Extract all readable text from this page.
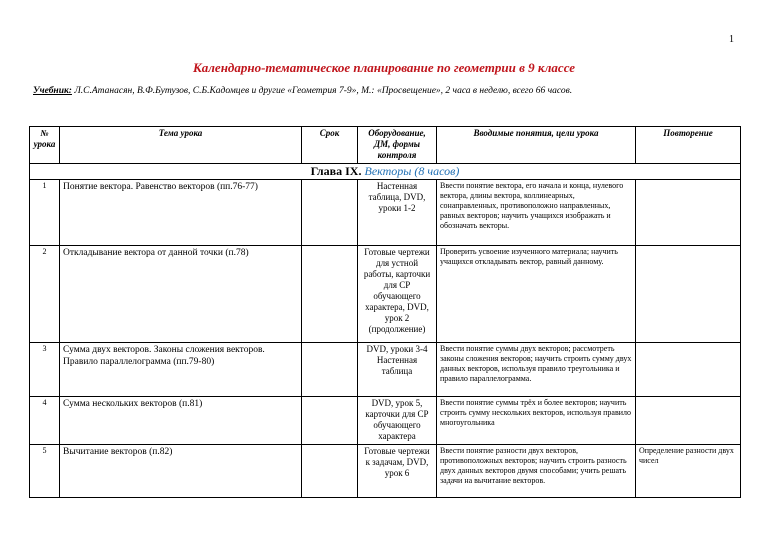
1
Календарно-тематическое планирование по геометрии в 9 классе
Учебник: Л.С.Атанасян, В.Ф.Бутузов, С.Б.Кадомцев и другие «Геометрия 7-9», М.: «Просвещение», 2 часа в неделю, всего 66 часов.
№ урока	Тема урока	Срок	Оборудование, ДМ, формы контроля	Вводимые понятия, цели урока	Повторение
Глава IX. Векторы (8 часов)					
1	Понятие вектора. Равенство векторов (пп.76-77)		Настенная таблица, DVD, уроки 1-2	Ввести понятие вектора, его начала и конца, нулевого вектора, длины вектора, коллинеарных, сонаправленных, противоположно направленных, равных векторов; научить учащихся изображать и обозначать векторы.	
2	Откладывание вектора от данной точки (п.78)		Готовые чертежи для устной работы, карточки для СР обучающего характера, DVD, урок 2 (продолжение)	Проверить усвоение изученного материала; научить учащихся откладывать вектор, равный данному.	
3	Сумма двух векторов. Законы сложения векторов. Правило параллелограмма (пп.79-80)		DVD, уроки 3-4 Настенная таблица	Ввести понятие суммы двух векторов; рассмотреть законы сложения векторов; научить строить сумму двух данных векторов, используя правило треугольника и правило параллелограмма.	
4	Сумма нескольких векторов (п.81)		DVD, урок 5, карточки для СР обучающего характера	Ввести понятие суммы трёх и более векторов; научить строить сумму нескольких векторов, используя правило многоугольника	
5	Вычитание векторов (п.82)		Готовые чертежи к задачам, DVD, урок 6	Ввести понятие разности двух векторов, противоположных векторов; научить строить разность двух данных векторов двумя способами; учить решать задачи на вычитание векторов.	Определение разности двух чисел
